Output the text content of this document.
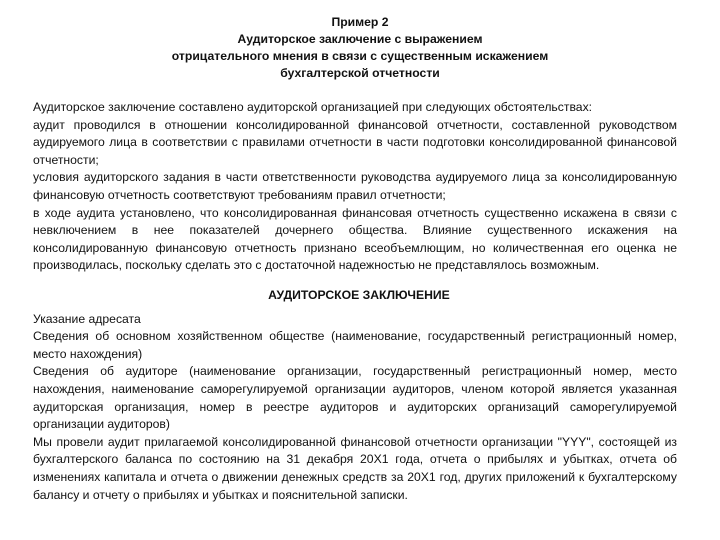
Пример 2
Аудиторское заключение с выражением
отрицательного мнения в связи с существенным искажением
бухгалтерской отчетности

Аудиторское заключение составлено аудиторской организацией при следующих обстоятельствах:

аудит проводился в отношении консолидированной финансовой отчетности, составленной руководством аудируемого лица в соответствии с правилами отчетности в части подготовки консолидированной финансовой отчетности;

условия аудиторского задания в части ответственности руководства аудируемого лица за консолидированную финансовую отчетность соответствуют требованиям правил отчетности;

в ходе аудита установлено, что консолидированная финансовая отчетность существенно искажена в связи с невключением в нее показателей дочернего общества. Влияние существенного искажения на консолидированную финансовую отчетность признано всеобъемлющим, но количественная его оценка не производилась, поскольку сделать это с достаточной надежностью не представлялось возможным.

АУДИТОРСКОЕ ЗАКЛЮЧЕНИЕ

Указание адресата

Сведения об основном хозяйственном обществе (наименование, государственный регистрационный номер, место нахождения)

Сведения об аудиторе (наименование организации, государственный регистрационный номер, место нахождения, наименование саморегулируемой организации аудиторов, членом которой является указанная аудиторская организация, номер в реестре аудиторов и аудиторских организаций саморегулируемой организации аудиторов)

Мы провели аудит прилагаемой консолидированной финансовой отчетности организации "YYY", состоящей из бухгалтерского баланса по состоянию на 31 декабря 20X1 года, отчета о прибылях и убытках, отчета об изменениях капитала и отчета о движении денежных средств за 20X1 год, других приложений к бухгалтерскому балансу и отчету о прибылях и убытках и пояснительной записки.
